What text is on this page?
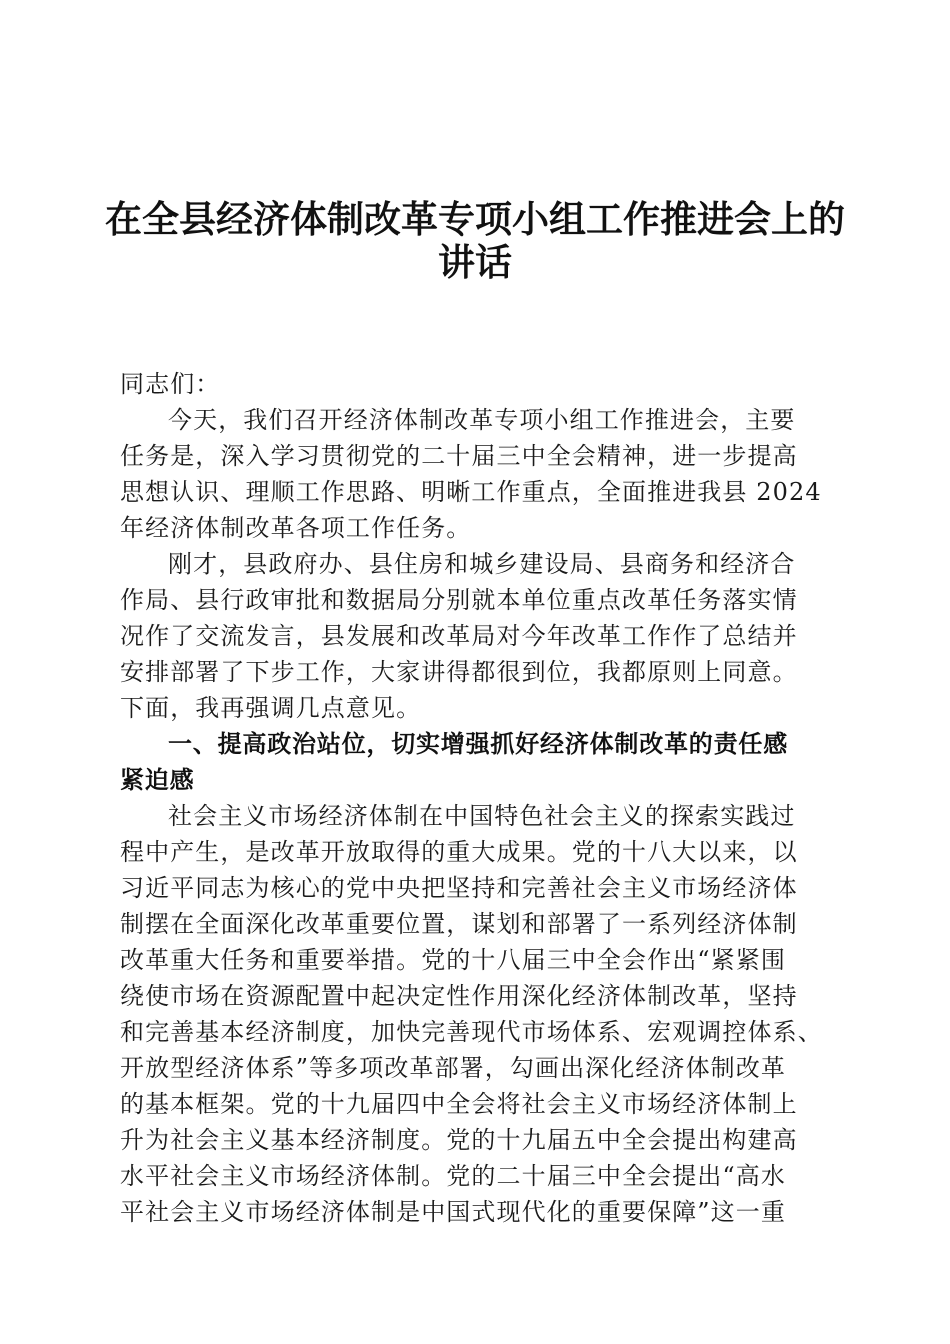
在全县经济体制改革专项小组工作推进会上的
讲话
同志们：
今天，我们召开经济体制改革专项小组工作推进会，主要
任务是，深入学习贯彻党的二十届三中全会精神，进一步提高
思想认识、理顺工作思路、明晰工作重点，全面推进我县 2024
年经济体制改革各项工作任务。
刚才，县政府办、县住房和城乡建设局、县商务和经济合
作局、县行政审批和数据局分别就本单位重点改革任务落实情
况作了交流发言，县发展和改革局对今年改革工作作了总结并
安排部署了下步工作，大家讲得都很到位，我都原则上同意。
下面，我再强调几点意见。
一、提高政治站位，切实增强抓好经济体制改革的责任感
紧迫感
社会主义市场经济体制在中国特色社会主义的探索实践过
程中产生，是改革开放取得的重大成果。党的十八大以来，以
习近平同志为核心的党中央把坚持和完善社会主义市场经济体
制摆在全面深化改革重要位置，谋划和部署了一系列经济体制
改革重大任务和重要举措。党的十八届三中全会作出“紧紧围
绕使市场在资源配置中起决定性作用深化经济体制改革，坚持
和完善基本经济制度，加快完善现代市场体系、宏观调控体系、
开放型经济体系”等多项改革部署，勾画出深化经济体制改革
的基本框架。党的十九届四中全会将社会主义市场经济体制上
升为社会主义基本经济制度。党的十九届五中全会提出构建高
水平社会主义市场经济体制。党的二十届三中全会提出“高水
平社会主义市场经济体制是中国式现代化的重要保障”这一重
